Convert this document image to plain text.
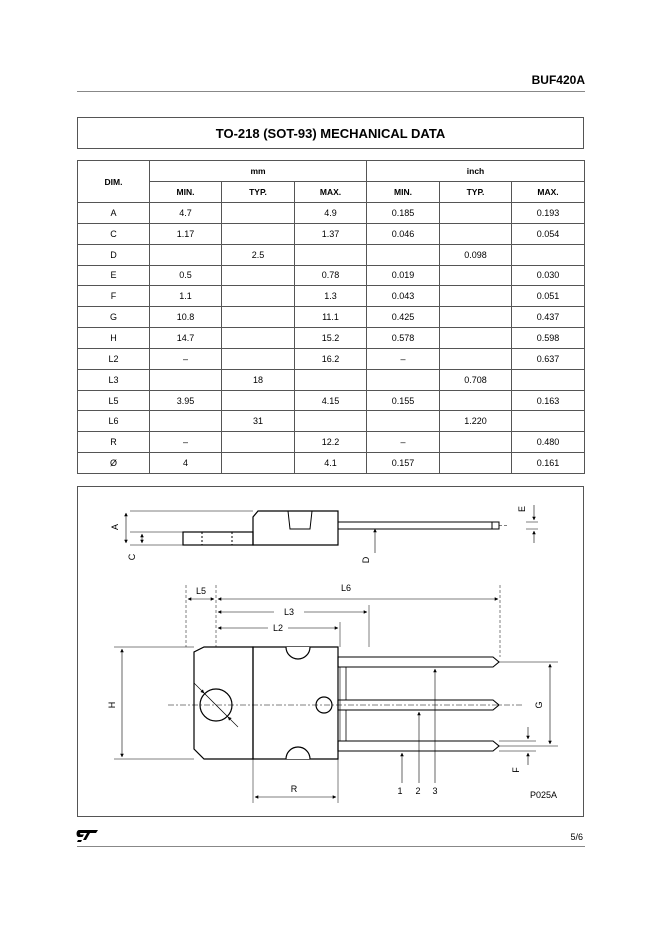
BUF420A
TO-218 (SOT-93) MECHANICAL DATA
DIM.	mm			inch		
	MIN.	TYP.	MAX.	MIN.	TYP.	MAX.
A	4.7		4.9	0.185		0.193
C	1.17		1.37	0.046		0.054
D		2.5			0.098	
E	0.5		0.78	0.019		0.030
F	1.1		1.3	0.043		0.051
G	10.8		11.1	0.425		0.437
H	14.7		15.2	0.578		0.598
L2	–		16.2	–		0.637
L3		18			0.708	
L5	3.95		4.15	0.155		0.163
L6		31			1.220	
R	–		12.2	–		0.480
Ø	4		4.1	0.157		0.161
A
C	D
E
L5	L6
L3
L2
H	G
F
R	1 2 3	P025A
5/6
